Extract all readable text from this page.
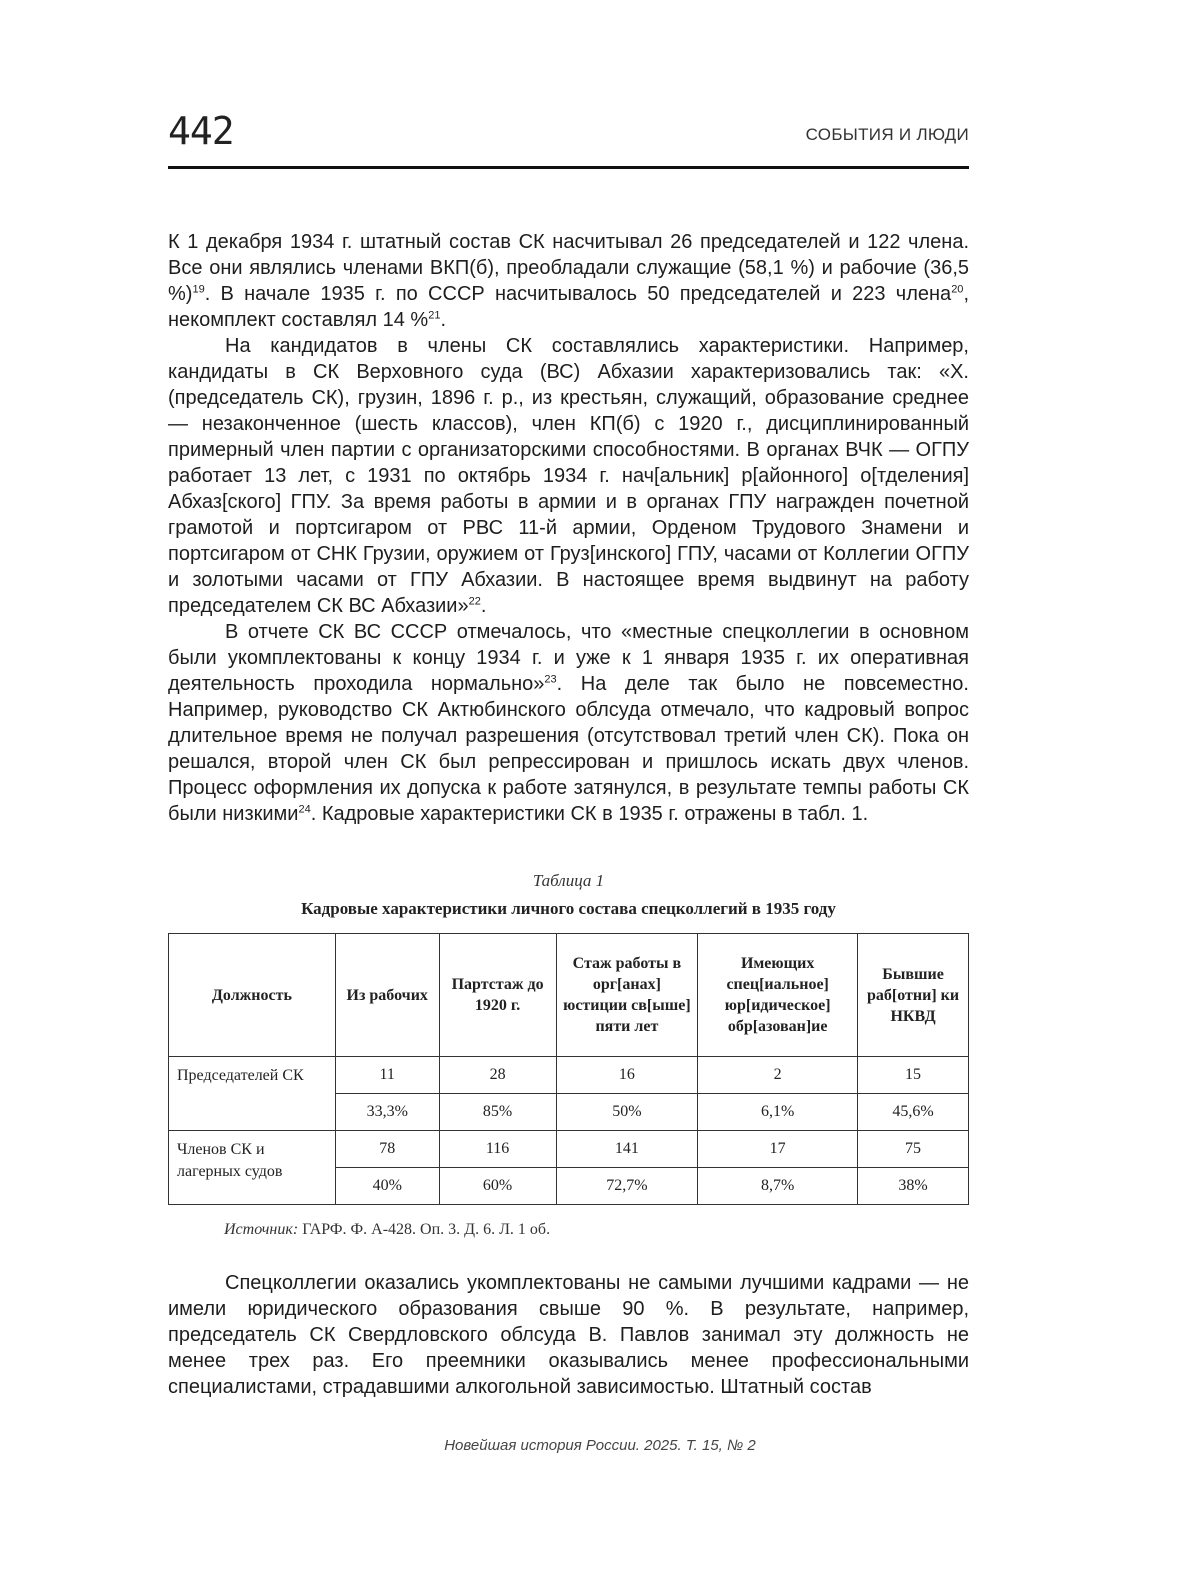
442	СОБЫТИЯ И ЛЮДИ

К 1 декабря 1934 г. штатный состав СК насчитывал 26 председателей и 122 члена. Все они являлись членами ВКП(б), преобладали служащие (58,1 %) и рабочие (36,5 %)$^{19}$. В начале 1935 г. по СССР насчитывалось 50 председателей и 223 члена$^{20}$, некомплект составлял 14 %$^{21}$.

На кандидатов в члены СК составлялись характеристики. Например, кандидаты в СК Верховного суда (ВС) Абхазии характеризовались так: «Х. (председатель СК), грузин, 1896 г. р., из крестьян, служащий, образование среднее — незаконченное (шесть классов), член КП(б) с 1920 г., дисциплинированный примерный член партии с организаторскими способностями. В органах ВЧК — ОГПУ работает 13 лет, с 1931 по октябрь 1934 г. нач[альник] р[айонного] о[тделения] Абхаз[ского] ГПУ. За время работы в армии и в органах ГПУ награжден почетной грамотой и портсигаром от РВС 11-й армии, Орденом Трудового Знамени и портсигаром от СНК Грузии, оружием от Груз[инского] ГПУ, часами от Коллегии ОГПУ и золотыми часами от ГПУ Абхазии. В настоящее время выдвинут на работу председателем СК ВС Абхазии»$^{22}$.

В отчете СК ВС СССР отмечалось, что «местные спецколлегии в основном были укомплектованы к концу 1934 г. и уже к 1 января 1935 г. их оперативная деятельность проходила нормально»$^{23}$. На деле так было не повсеместно. Например, руководство СК Актюбинского облсуда отмечало, что кадровый вопрос длительное время не получал разрешения (отсутствовал третий член СК). Пока он решался, второй член СК был репрессирован и пришлось искать двух членов. Процесс оформления их допуска к работе затянулся, в результате темпы работы СК были низкими$^{24}$. Кадровые характеристики СК в 1935 г. отражены в табл. 1.

Таблица 1
Кадровые характеристики личного состава спецколлегий в 1935 году
Должность	Из рабочих	Партстаж до 1920 г.	Стаж работы в орг[анах] юстиции св[ыше] пяти лет	Имеющих спец[иальное] юр[идическое] обр[азован]ие	Бывшие раб[отни] ки НКВД
Председателей СК	11	28	16	2	15
	33,3%	85%	50%	6,1%	45,6%
Членов СК и лагерных судов	78	116	141	17	75
	40%	60%	72,7%	8,7%	38%
Источник: ГАРФ. Ф. А-428. Оп. 3. Д. 6. Л. 1 об.

Спецколлегии оказались укомплектованы не самыми лучшими кадрами — не имели юридического образования свыше 90 %. В результате, например, председатель СК Свердловского облсуда В. Павлов занимал эту должность не менее трех раз. Его преемники оказывались менее профессиональными специалистами, страдавшими алкогольной зависимостью. Штатный состав

Новейшая история России. 2025. Т. 15, № 2
